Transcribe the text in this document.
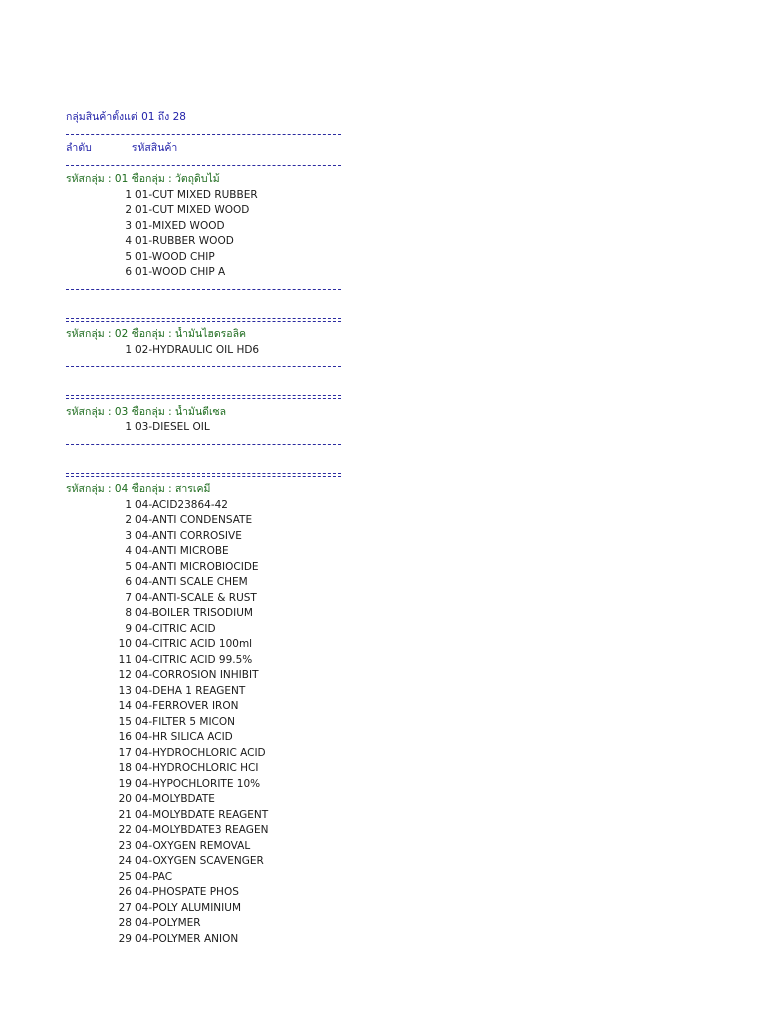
กลุ่มสินค้าตั้งแต่ 01 ถึง 28
ลำดับ	รหัสสินค้า
รหัสกลุ่ม : 01 ชื่อกลุ่ม : วัตถุดิบไม้
1 01-CUT MIXED RUBBER
2 01-CUT MIXED WOOD
3 01-MIXED WOOD
4 01-RUBBER WOOD
5 01-WOOD CHIP
6 01-WOOD CHIP A
รหัสกลุ่ม : 02 ชื่อกลุ่ม : น้ำมันไฮดรอลิค
1 02-HYDRAULIC OIL HD6
รหัสกลุ่ม : 03 ชื่อกลุ่ม : น้ำมันดีเซล
1 03-DIESEL OIL
รหัสกลุ่ม : 04 ชื่อกลุ่ม : สารเคมี
1 04-ACID23864-42
2 04-ANTI CONDENSATE
3 04-ANTI CORROSIVE
4 04-ANTI MICROBE
5 04-ANTI MICROBIOCIDE
6 04-ANTI SCALE CHEM
7 04-ANTI-SCALE & RUST
8 04-BOILER TRISODIUM
9 04-CITRIC ACID
10 04-CITRIC ACID 100ml
11 04-CITRIC ACID 99.5%
12 04-CORROSION INHIBIT
13 04-DEHA 1 REAGENT
14 04-FERROVER IRON
15 04-FILTER 5 MICON
16 04-HR SILICA ACID
17 04-HYDROCHLORIC ACID
18 04-HYDROCHLORIC HCI
19 04-HYPOCHLORITE 10%
20 04-MOLYBDATE
21 04-MOLYBDATE REAGENT
22 04-MOLYBDATE3 REAGEN
23 04-OXYGEN REMOVAL
24 04-OXYGEN SCAVENGER
25 04-PAC
26 04-PHOSPATE PHOS
27 04-POLY ALUMINIUM
28 04-POLYMER
29 04-POLYMER ANION
